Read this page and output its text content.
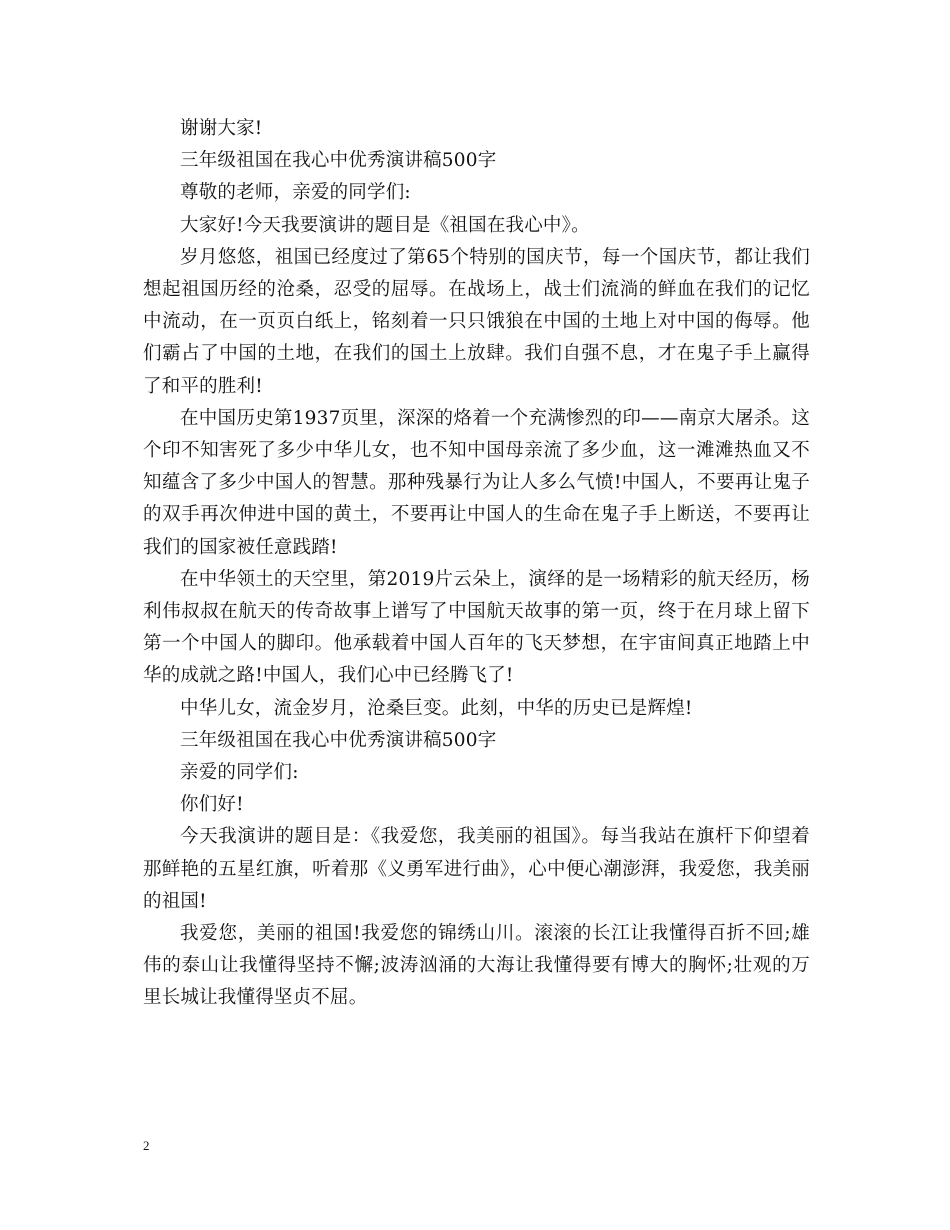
谢谢大家!

三年级祖国在我心中优秀演讲稿500字

尊敬的老师，亲爱的同学们:

大家好!今天我要演讲的题目是《祖国在我心中》。

岁月悠悠，祖国已经度过了第65个特别的国庆节，每一个国庆节，都让我们想起祖国历经的沧桑，忍受的屈辱。在战场上，战士们流淌的鲜血在我们的记忆中流动，在一页页白纸上，铭刻着一只只饿狼在中国的土地上对中国的侮辱。他们霸占了中国的土地，在我们的国土上放肆。我们自强不息，才在鬼子手上赢得了和平的胜利!

在中国历史第1937页里，深深的烙着一个充满惨烈的印——南京大屠杀。这个印不知害死了多少中华儿女，也不知中国母亲流了多少血，这一滩滩热血又不知蕴含了多少中国人的智慧。那种残暴行为让人多么气愤!中国人，不要再让鬼子的双手再次伸进中国的黄土，不要再让中国人的生命在鬼子手上断送，不要再让我们的国家被任意践踏!

在中华领土的天空里，第2019片云朵上，演绎的是一场精彩的航天经历，杨利伟叔叔在航天的传奇故事上谱写了中国航天故事的第一页，终于在月球上留下第一个中国人的脚印。他承载着中国人百年的飞天梦想，在宇宙间真正地踏上中华的成就之路!中国人，我们心中已经腾飞了!

中华儿女，流金岁月，沧桑巨变。此刻，中华的历史已是辉煌!

三年级祖国在我心中优秀演讲稿500字

亲爱的同学们:

你们好!

今天我演讲的题目是：《我爱您，我美丽的祖国》。每当我站在旗杆下仰望着那鲜艳的五星红旗，听着那《义勇军进行曲》，心中便心潮澎湃，我爱您，我美丽的祖国!

我爱您，美丽的祖国!我爱您的锦绣山川。滚滚的长江让我懂得百折不回;雄伟的泰山让我懂得坚持不懈;波涛汹涌的大海让我懂得要有博大的胸怀;壮观的万里长城让我懂得坚贞不屈。

2
